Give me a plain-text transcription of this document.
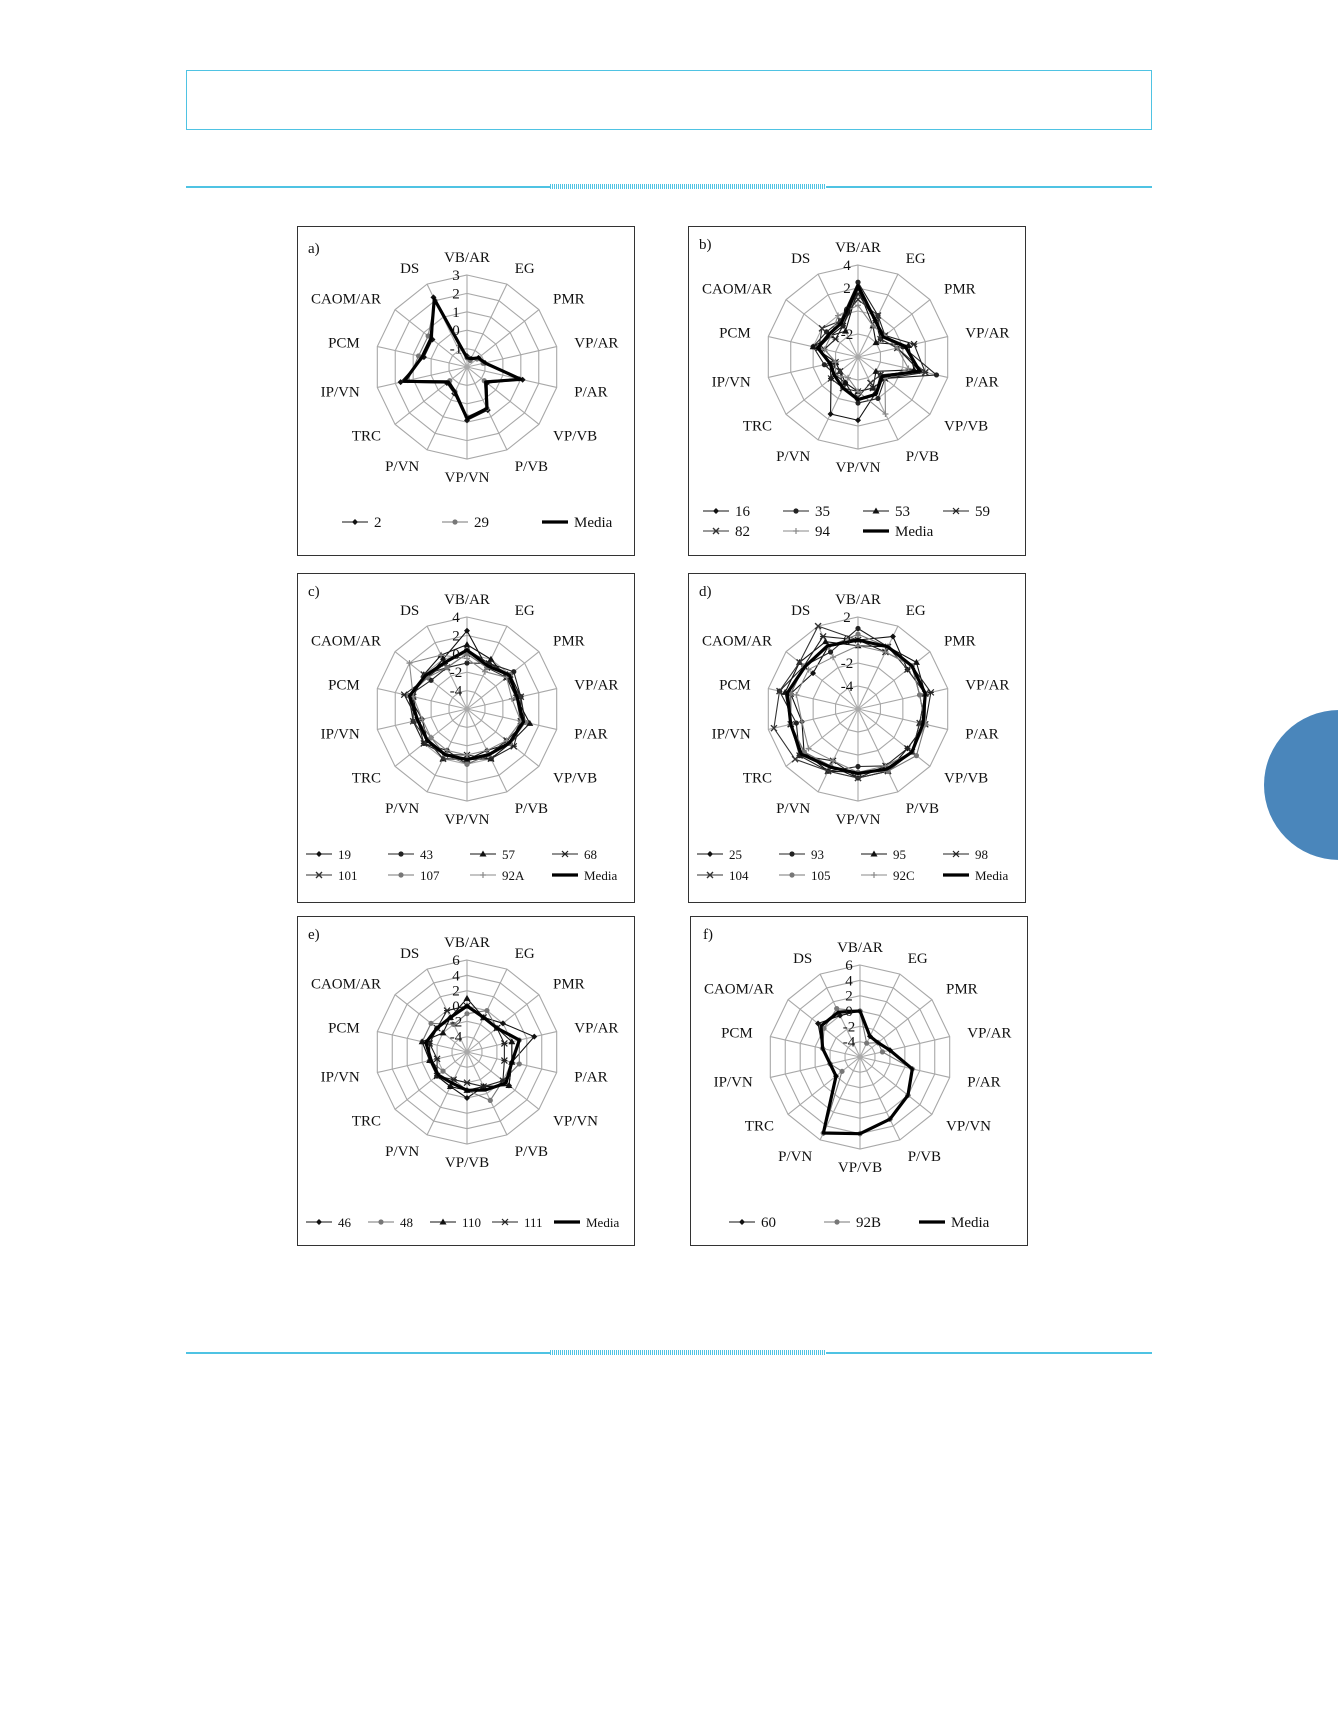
3
2
1
0
-1
VB/AR
EG
PMR
VP/AR
P/AR
VP/VB
P/VB
VP/VN
P/VN
TRC
IP/VN
PCM
CAOM/AR
DS
a)
2	29	Media
4
2
0
-2
VB/AR
EG
PMR
VP/AR
P/AR
VP/VB
P/VB
VP/VN
P/VN
TRC
IP/VN
PCM
CAOM/AR
DS
b)
16	35	53	59
82	94	Media
4
2
0
-2
-4
VB/AR
EG
PMR
VP/AR
P/AR
VP/VB
P/VB
VP/VN
P/VN
TRC
IP/VN
PCM
CAOM/AR
DS
c)
19	43	57	68
101	107	92A	Media
2
0
-2
-4
VB/AR
EG
PMR
VP/AR
P/AR
VP/VB
P/VB
VP/VN
P/VN
TRC
IP/VN
PCM
CAOM/AR
DS
d)
25	93	95	98
104	105	92C	Media
6
4
2
0
-2
-4
VB/AR
EG
PMR
VP/AR
P/AR
VP/VN
P/VB
VP/VB
P/VN
TRC
IP/VN
PCM
CAOM/AR
DS
e)
46	48	110	111	Media
6
4
2
0
-2
-4
VB/AR
EG
PMR
VP/AR
P/AR
VP/VN
P/VB
VP/VB
P/VN
TRC
IP/VN
PCM
CAOM/AR
DS
f)
60	92B	Media
